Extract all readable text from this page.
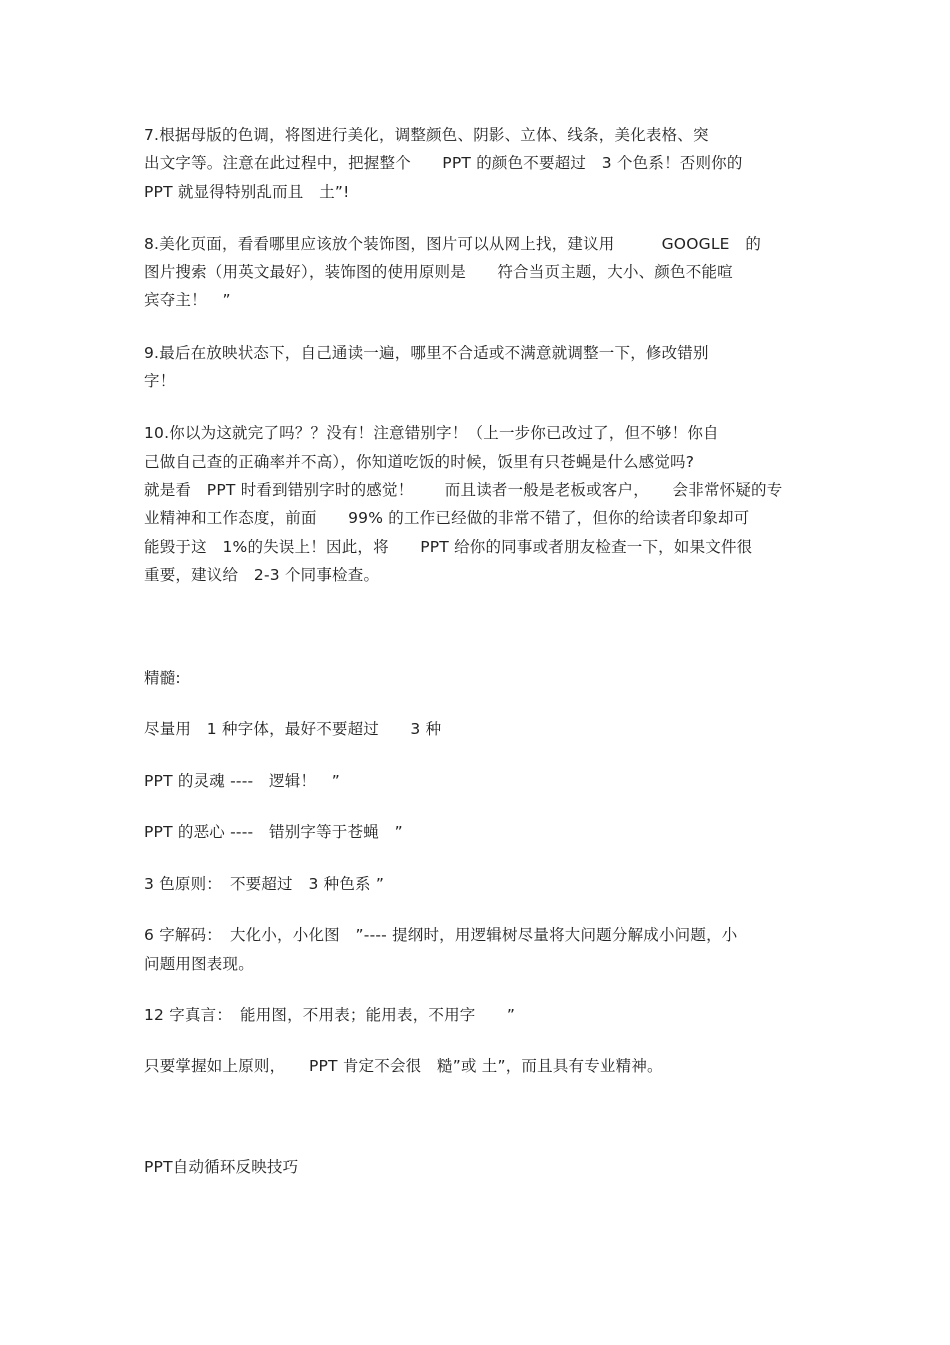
7.根据母版的色调，将图进行美化，调整颜色、阴影、立体、线条，美化表格、突
出文字等。注意在此过程中，把握整个　　PPT 的颜色不要超过　3 个色系！否则你的
PPT 就显得特别乱而且　土”!
8.美化页面，看看哪里应该放个装饰图，图片可以从网上找，建议用　　　GOOGLE　的
图片搜索（用英文最好），装饰图的使用原则是　　符合当页主题，大小、颜色不能喧
宾夺主！　”
9.最后在放映状态下，自己通读一遍，哪里不合适或不满意就调整一下，修改错别
字！
10.你以为这就完了吗？？没有！注意错别字！（上一步你已改过了，但不够！你自
己做自己查的正确率并不高），你知道吃饭的时候，饭里有只苍蝇是什么感觉吗?
就是看　PPT 时看到错别字时的感觉！　　而且读者一般是老板或客户，　　会非常怀疑的专
业精神和工作态度，前面　　99% 的工作已经做的非常不错了，但你的给读者印象却可
能毁于这　1%的失误上！因此，将　　PPT 给你的同事或者朋友检查一下，如果文件很
重要，建议给　2-3 个同事检查。
精髓:
尽量用　1 种字体，最好不要超过　　3 种
PPT 的灵魂 ----　逻辑！　”
PPT 的恶心 ----　错别字等于苍蝇　”
3 色原则：　不要超过　3 种色系 ”
6 字解码：　大化小，小化图　”---- 提纲时，用逻辑树尽量将大问题分解成小问题，小
问题用图表现。
12 字真言：　能用图，不用表；能用表，不用字　　”
只要掌握如上原则，　　PPT 肯定不会很　糙”或 土”，而且具有专业精神。
PPT自动循环反映技巧
